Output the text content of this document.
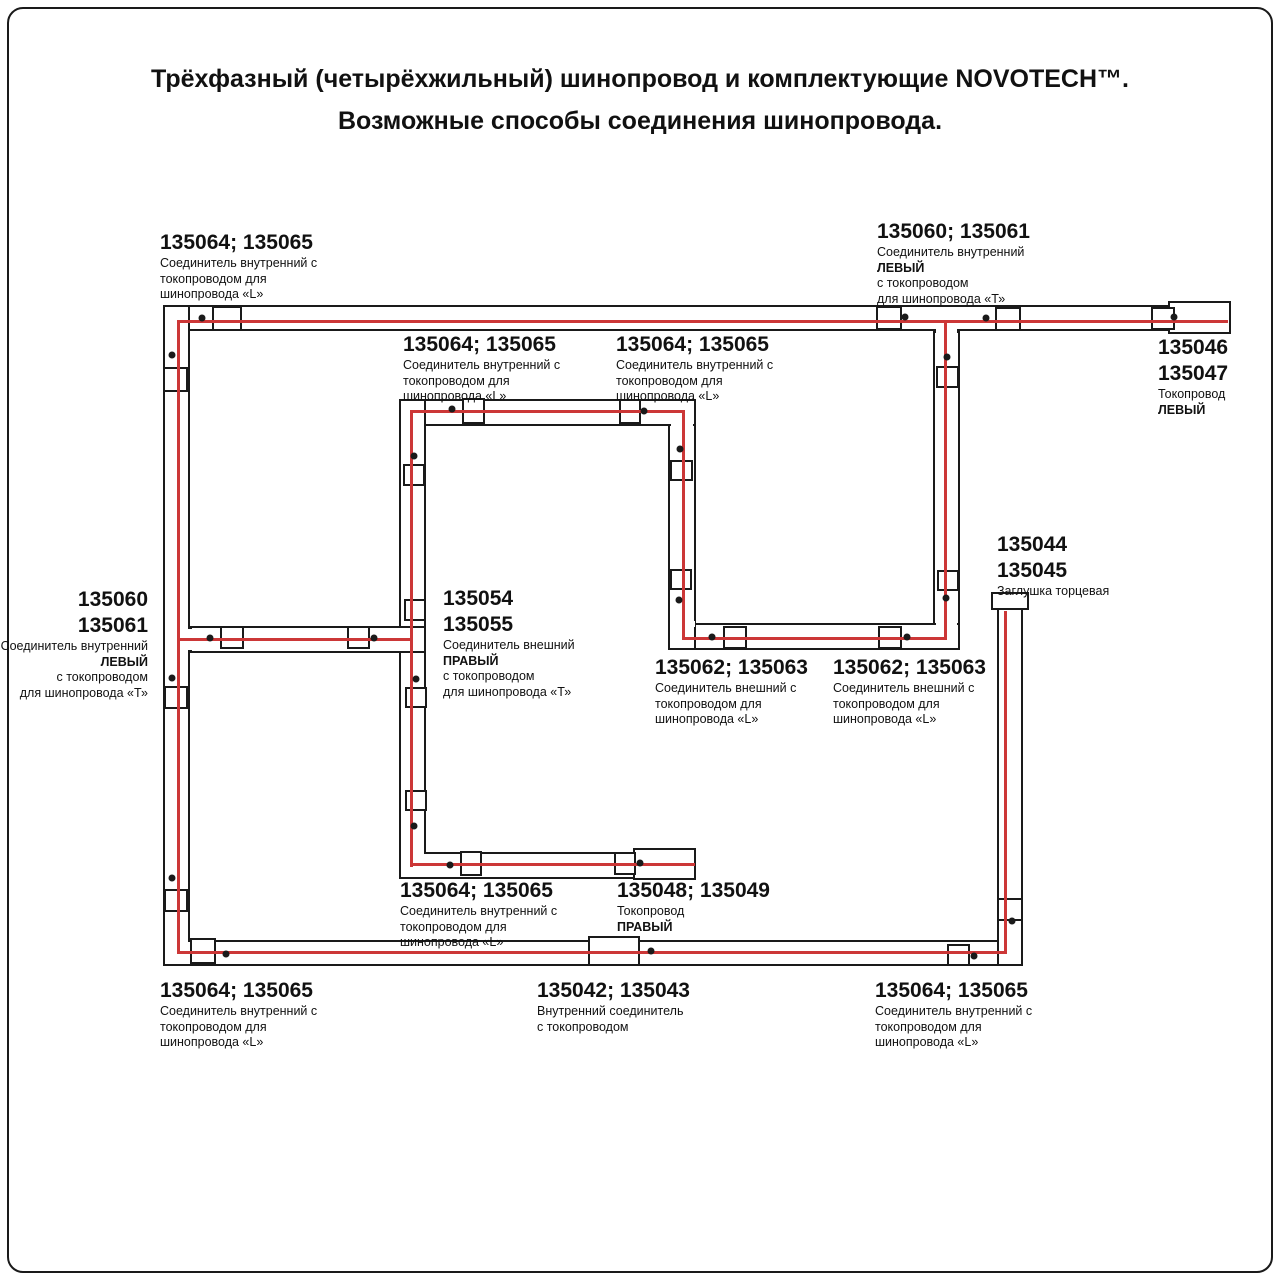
Трёхфазный (четырёхжильный) шинопровод и комплектующие NOVOTECH™.
Возможные способы соединения шинопровода.
135064; 135065
Соединитель внутренний с
токопроводом для
шинопровода «L»
135060; 135061
Соединитель внутренний
ЛЕВЫЙ
с токопроводом
для шинопровода «Т»
135064; 135065
Соединитель внутренний с
токопроводом для
шинопровода «L»
135064; 135065
Соединитель внутренний с
токопроводом для
шинопровода «L»
135046
135047
Токопровод
ЛЕВЫЙ
135060
135061
Соединитель внутренний
ЛЕВЫЙ
с токопроводом
для шинопровода «Т»
135054
135055
Соединитель внешний
ПРАВЫЙ
с токопроводом
для шинопровода «Т»
135044
135045
Заглушка торцевая
135062; 135063
Соединитель внешний с
токопроводом для
шинопровода «L»
135062; 135063
Соединитель внешний с
токопроводом для
шинопровода «L»
135064; 135065
Соединитель внутренний с
токопроводом для
шинопровода «L»
135048; 135049
Токопровод
ПРАВЫЙ
135064; 135065
Соединитель внутренний с
токопроводом для
шинопровода «L»
135042; 135043
Внутренний соединитель
с токопроводом
135064; 135065
Соединитель внутренний с
токопроводом для
шинопровода «L»
